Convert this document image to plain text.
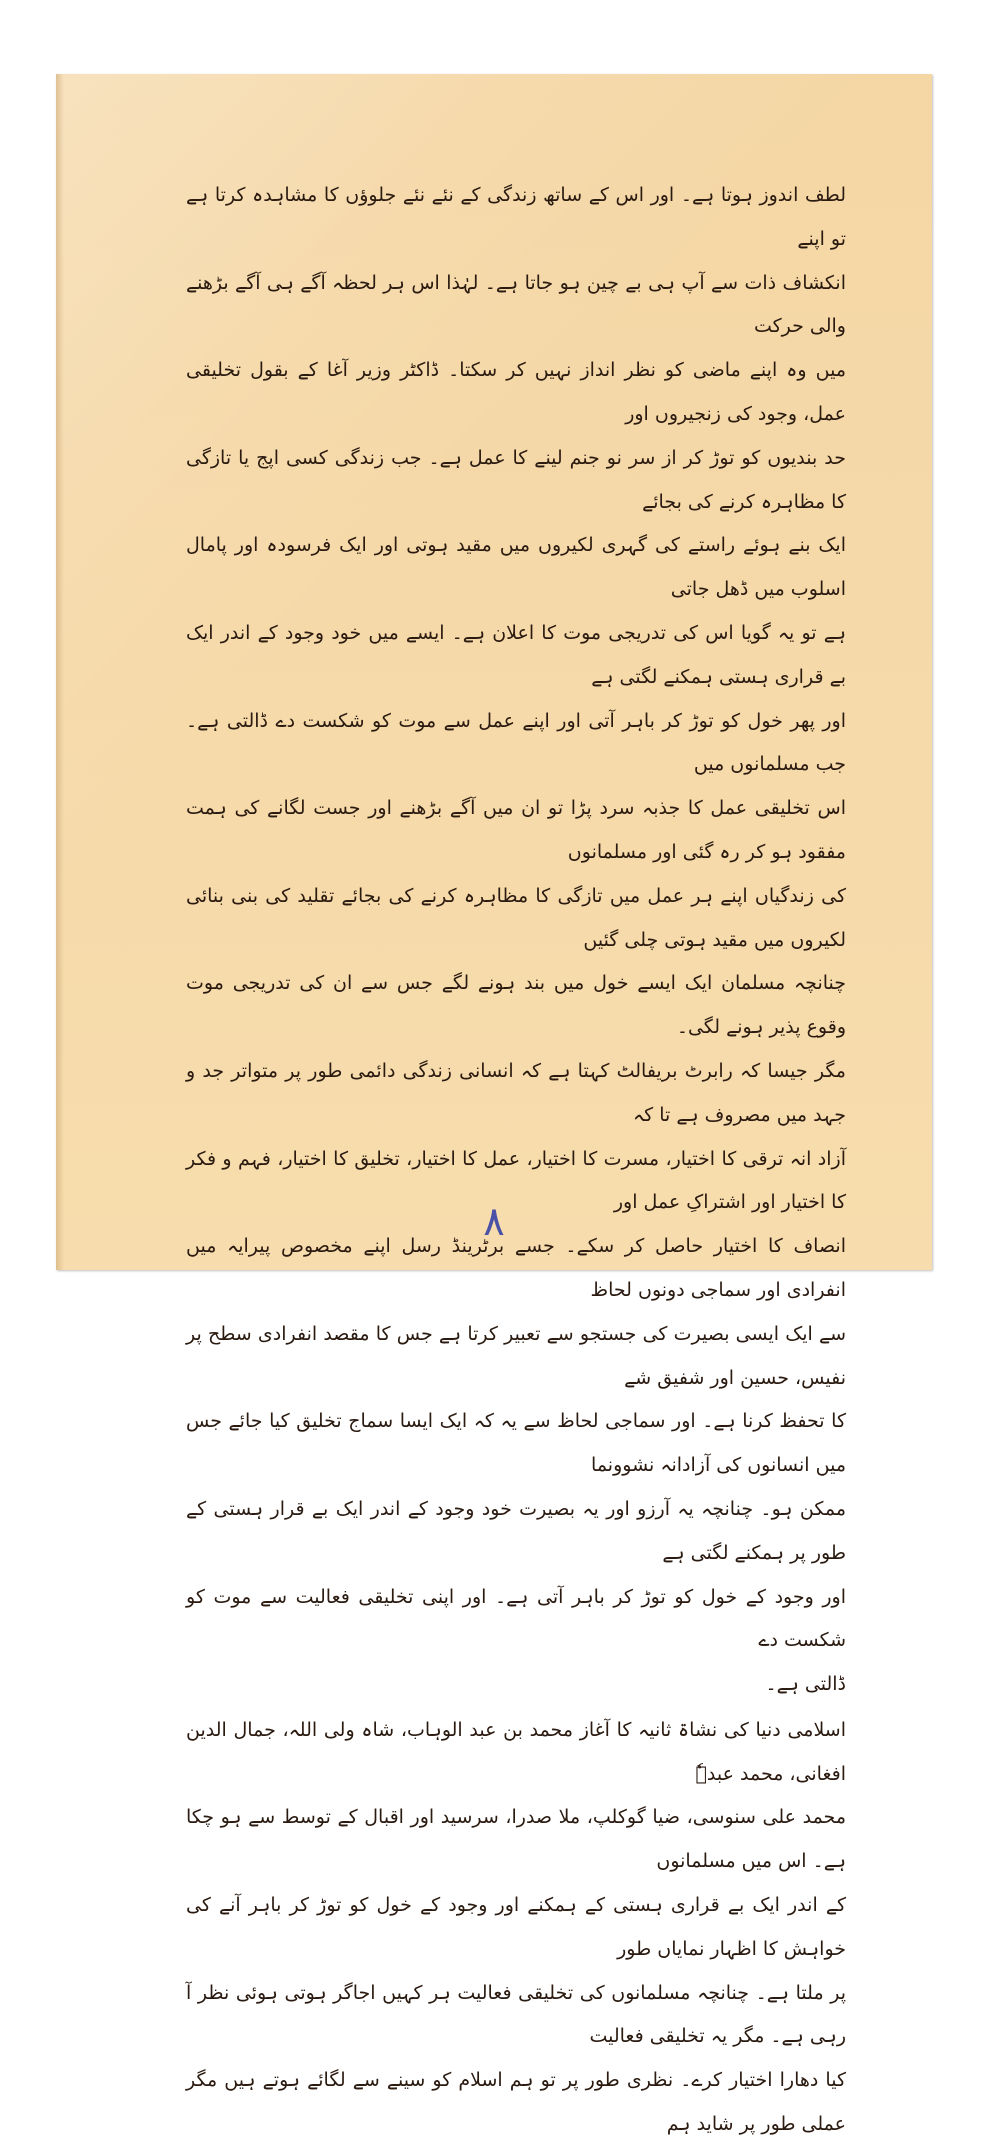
لطف اندوز ہوتا ہے۔ اور اس کے ساتھ زندگی کے نئے نئے جلوؤں کا مشاہدہ کرتا ہے تو اپنے
انکشاف ذات سے آپ ہی بے چین ہو جاتا ہے۔ لہٰذا اس ہر لحظہ آگے ہی آگے بڑھنے والی حرکت
میں وہ اپنے ماضی کو نظر انداز نہیں کر سکتا۔ ڈاکٹر وزیر آغا کے بقول تخلیقی عمل، وجود کی زنجیروں اور
حد بندیوں کو توڑ کر از سر نو جنم لینے کا عمل ہے۔ جب زندگی کسی اپج یا تازگی کا مظاہرہ کرنے کی بجائے
ایک بنے ہوئے راستے کی گہری لکیروں میں مقید ہوتی اور ایک فرسودہ اور پامال اسلوب میں ڈھل جاتی
ہے تو یہ گویا اس کی تدریجی موت کا اعلان ہے۔ ایسے میں خود وجود کے اندر ایک بے قراری ہستی ہمکنے لگتی ہے
اور پھر خول کو توڑ کر باہر آتی اور اپنے عمل سے موت کو شکست دے ڈالتی ہے۔ جب مسلمانوں میں
اس تخلیقی عمل کا جذبہ سرد پڑا تو ان میں آگے بڑھنے اور جست لگانے کی ہمت مفقود ہو کر رہ گئی اور مسلمانوں
کی زندگیاں اپنے ہر عمل میں تازگی کا مظاہرہ کرنے کی بجائے تقلید کی بنی بنائی لکیروں میں مقید ہوتی چلی گئیں
چنانچہ مسلمان ایک ایسے خول میں بند ہونے لگے جس سے ان کی تدریجی موت وقوع پذیر ہونے لگی۔
مگر جیسا کہ رابرٹ بریفالٹ کہتا ہے کہ انسانی زندگی دائمی طور پر متواتر جد و جہد میں مصروف ہے تا کہ
آزاد انہ ترقی کا اختیار، مسرت کا اختیار، عمل کا اختیار، تخلیق کا اختیار، فہم و فکر کا اختیار اور اشتراکِ عمل اور
انصاف کا اختیار حاصل کر سکے۔ جسے برٹرینڈ رسل اپنے مخصوص پیرایہ میں انفرادی اور سماجی دونوں لحاظ
سے ایک ایسی بصیرت کی جستجو سے تعبیر کرتا ہے جس کا مقصد انفرادی سطح پر نفیس، حسین اور شفیق شے
کا تحفظ کرنا ہے۔ اور سماجی لحاظ سے یہ کہ ایک ایسا سماج تخلیق کیا جائے جس میں انسانوں کی آزادانہ نشوونما
ممکن ہو۔ چنانچہ یہ آرزو اور یہ بصیرت خود وجود کے اندر ایک بے قرار ہستی کے طور پر ہمکنے لگتی ہے
اور وجود کے خول کو توڑ کر باہر آتی ہے۔ اور اپنی تخلیقی فعالیت سے موت کو شکست دے
ڈالتی ہے۔

اسلامی دنیا کی نشاۃ ثانیہ کا آغاز محمد بن عبد الوہاب، شاہ ولی اللہ، جمال الدین افغانی، محمد عبدہٗ
محمد علی سنوسی، ضیا گوکلپ، ملا صدرا، سرسید اور اقبال کے توسط سے ہو چکا ہے۔ اس میں مسلمانوں
کے اندر ایک بے قراری ہستی کے ہمکنے اور وجود کے خول کو توڑ کر باہر آنے کی خواہش کا اظہار نمایاں طور
پر ملتا ہے۔ چنانچہ مسلمانوں کی تخلیقی فعالیت ہر کہیں اجاگر ہوتی ہوئی نظر آ رہی ہے۔ مگر یہ تخلیقی فعالیت
کیا دھارا اختیار کرے۔ نظری طور پر تو ہم اسلام کو سینے سے لگائے ہوتے ہیں مگر عملی طور پر شاید ہم

۸
